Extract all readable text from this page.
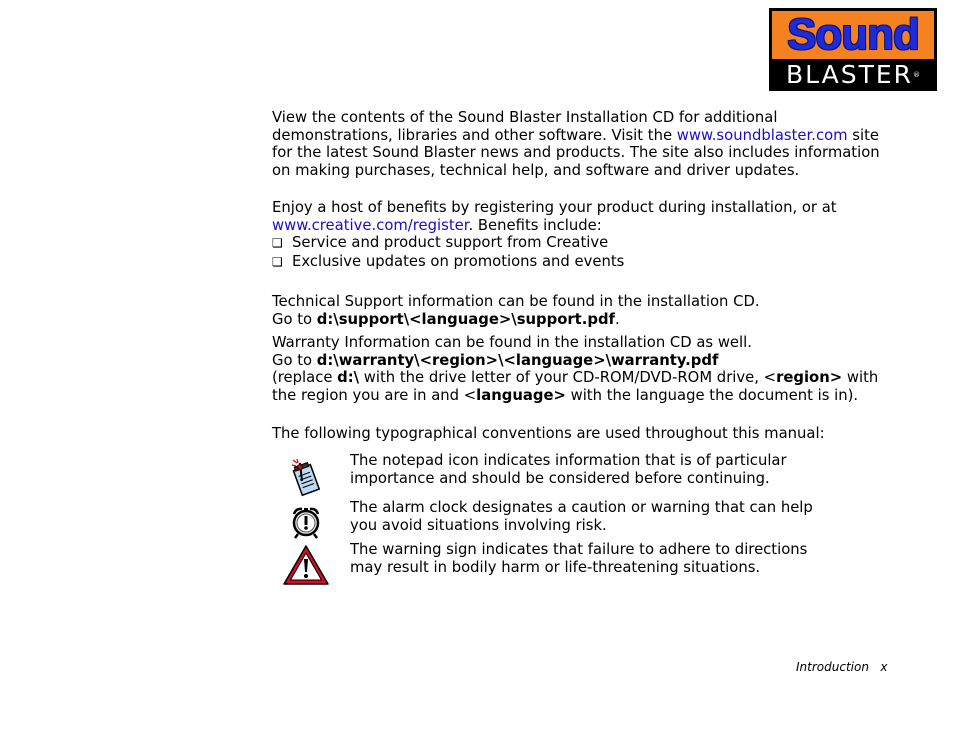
Sound
BLASTER®

View the contents of the Sound Blaster Installation CD for additional demonstrations, libraries and other software. Visit the www.soundblaster.com site for the latest Sound Blaster news and products. The site also includes information on making purchases, technical help, and software and driver updates.

Enjoy a host of benefits by registering your product during installation, or at www.creative.com/register. Benefits include:
❑ Service and product support from Creative
❑ Exclusive updates on promotions and events
Technical Support information can be found in the installation CD.
Go to d:\support\<language>\support.pdf.
Warranty Information can be found in the installation CD as well.
Go to d:\warranty\<region>\<language>\warranty.pdf
(replace d:\ with the drive letter of your CD-ROM/DVD-ROM drive, <region> with the region you are in and <language> with the language the document is in).

The following typographical conventions are used throughout this manual:

The notepad icon indicates information that is of particular importance and should be considered before continuing.

The alarm clock designates a caution or warning that can help you avoid situations involving risk.

The warning sign indicates that failure to adhere to directions may result in bodily harm or life-threatening situations.

Introduction x
